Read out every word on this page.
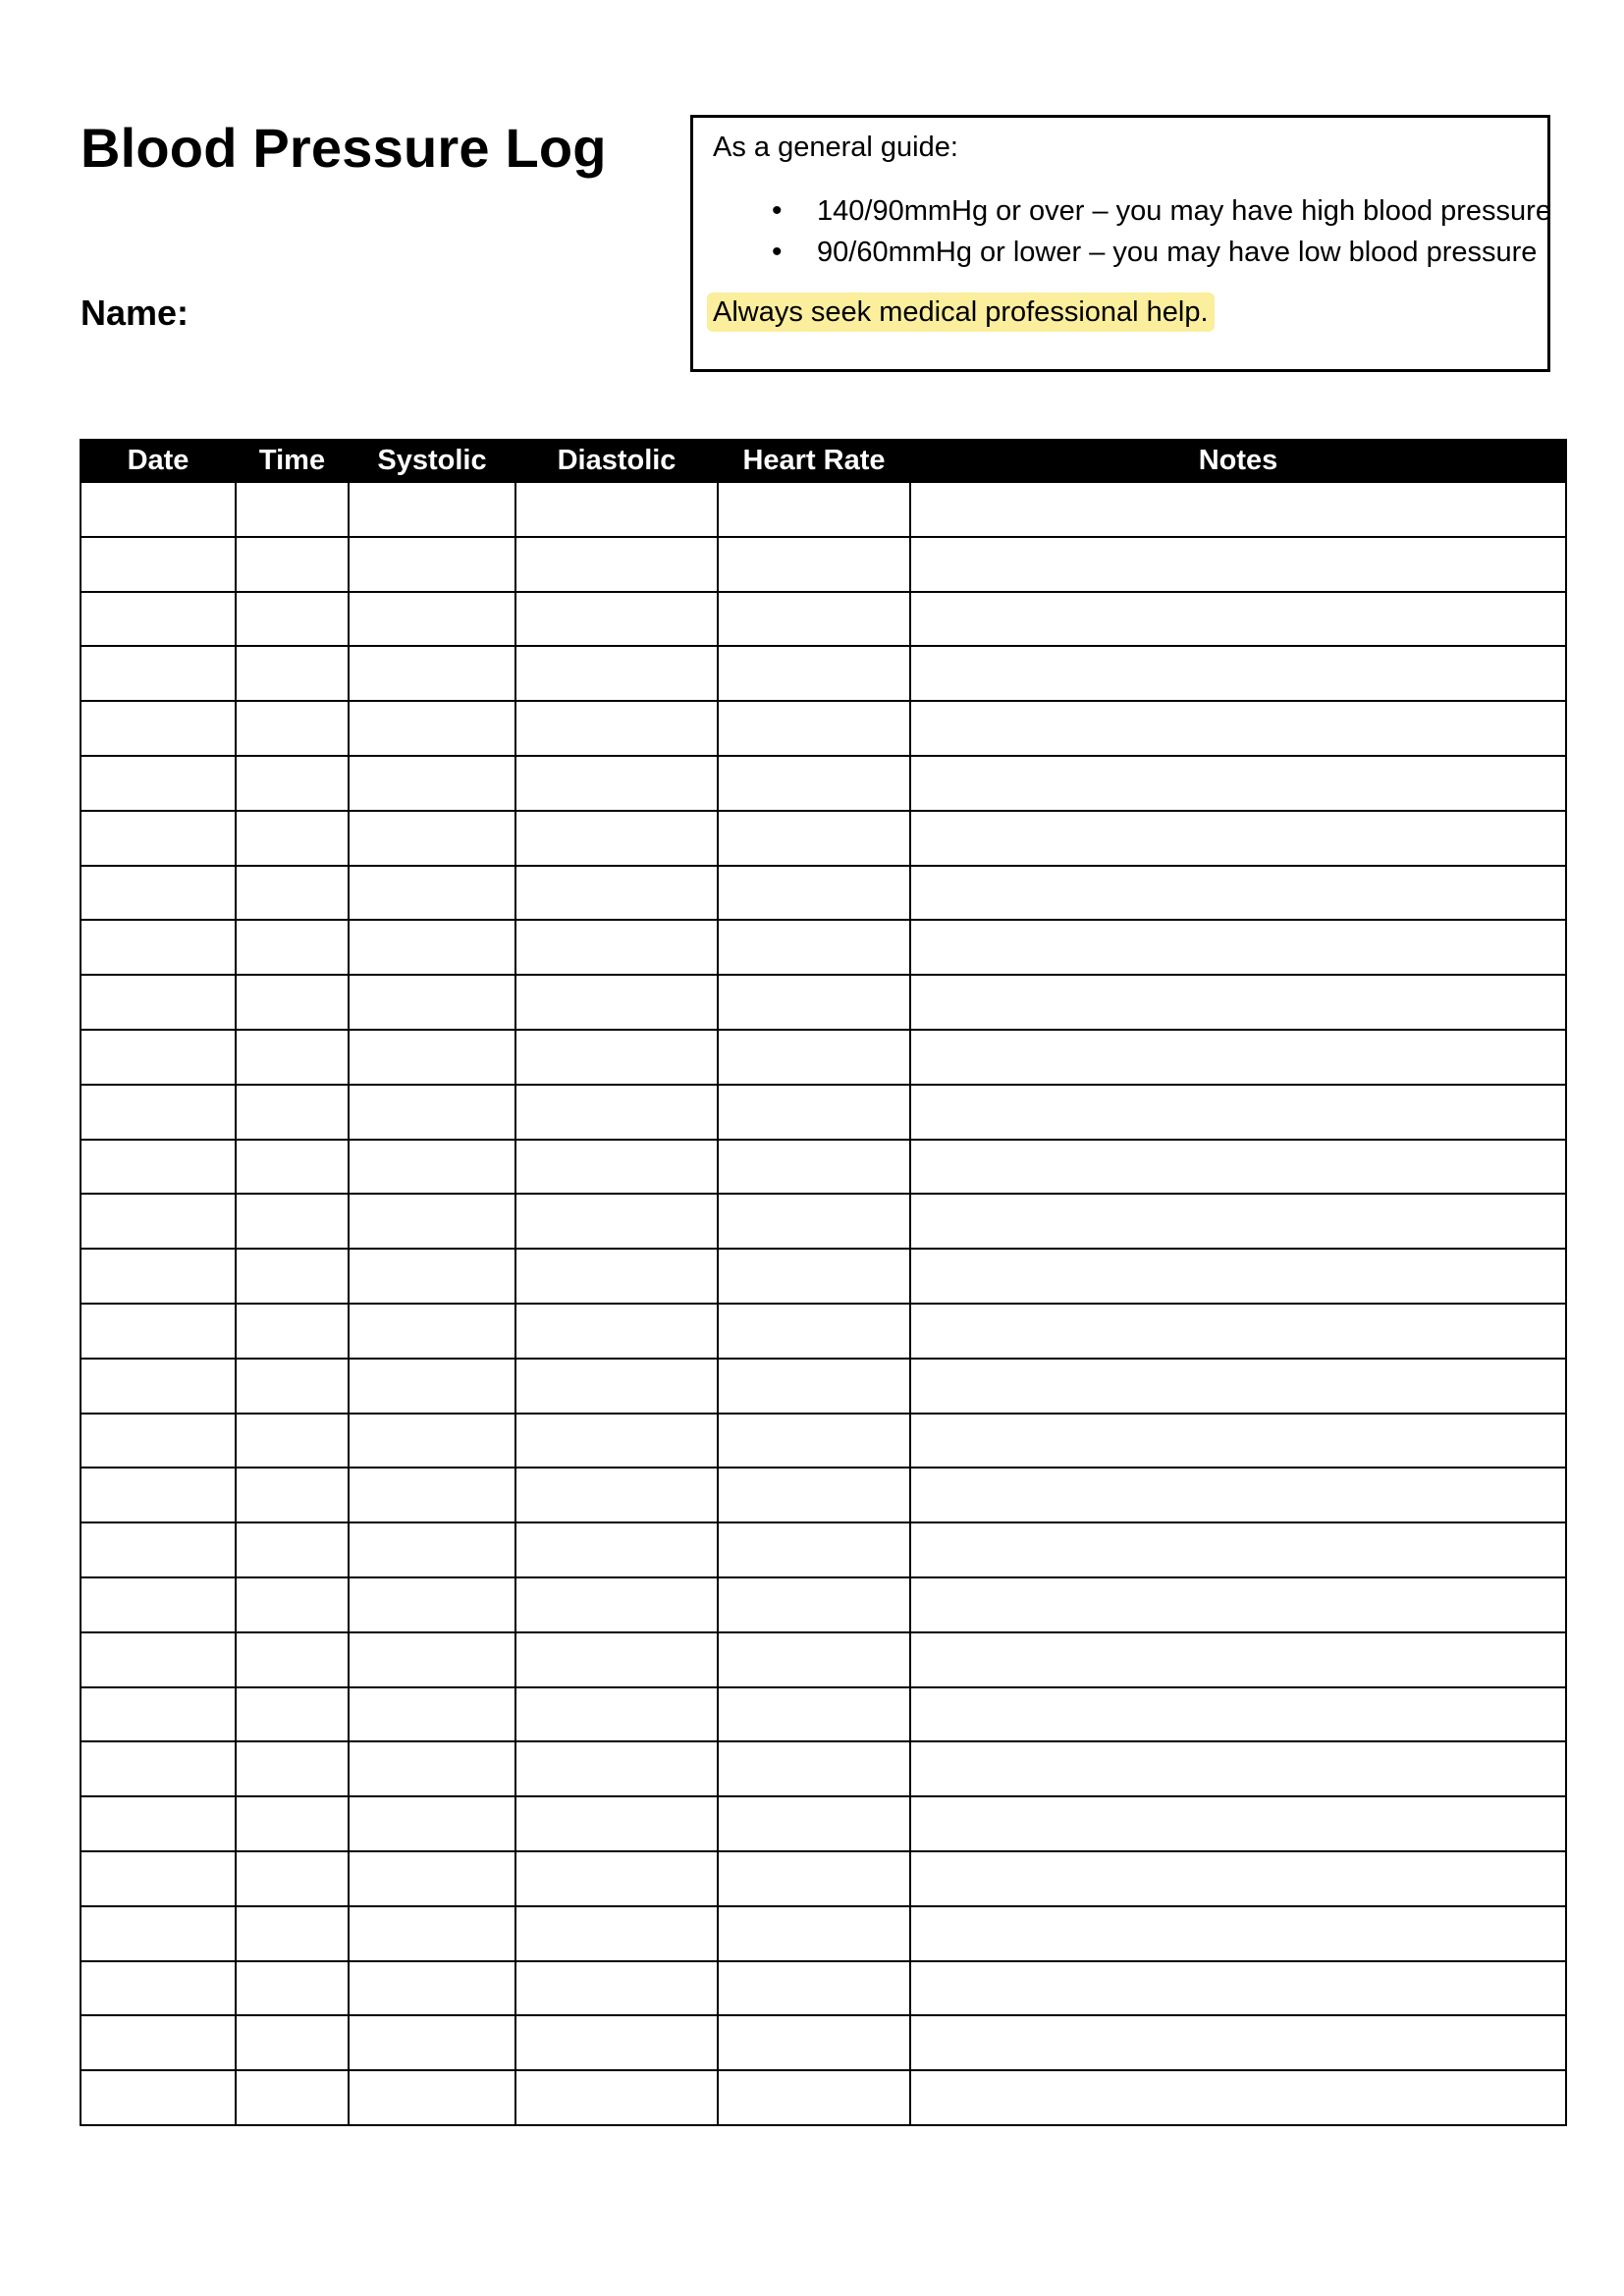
Blood Pressure Log
Name:
As a general guide:
• 140/90mmHg or over – you may have high blood pressure
• 90/60mmHg or lower – you may have low blood pressure
Always seek medical professional help.
Date	Time	Systolic	Diastolic	Heart Rate	Notes
